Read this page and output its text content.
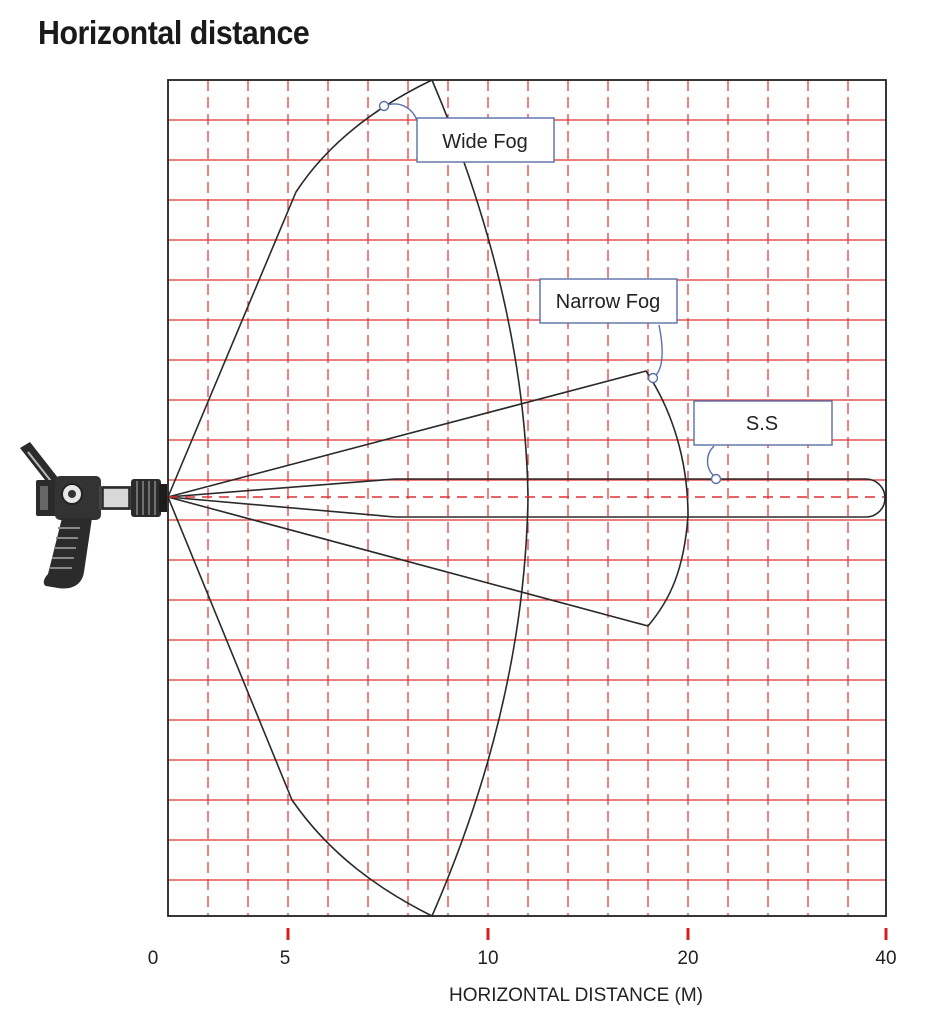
Horizontal distance
Wide Fog
Narrow Fog
S.S
0	5	10	20	40
HORIZONTAL DISTANCE (M)
